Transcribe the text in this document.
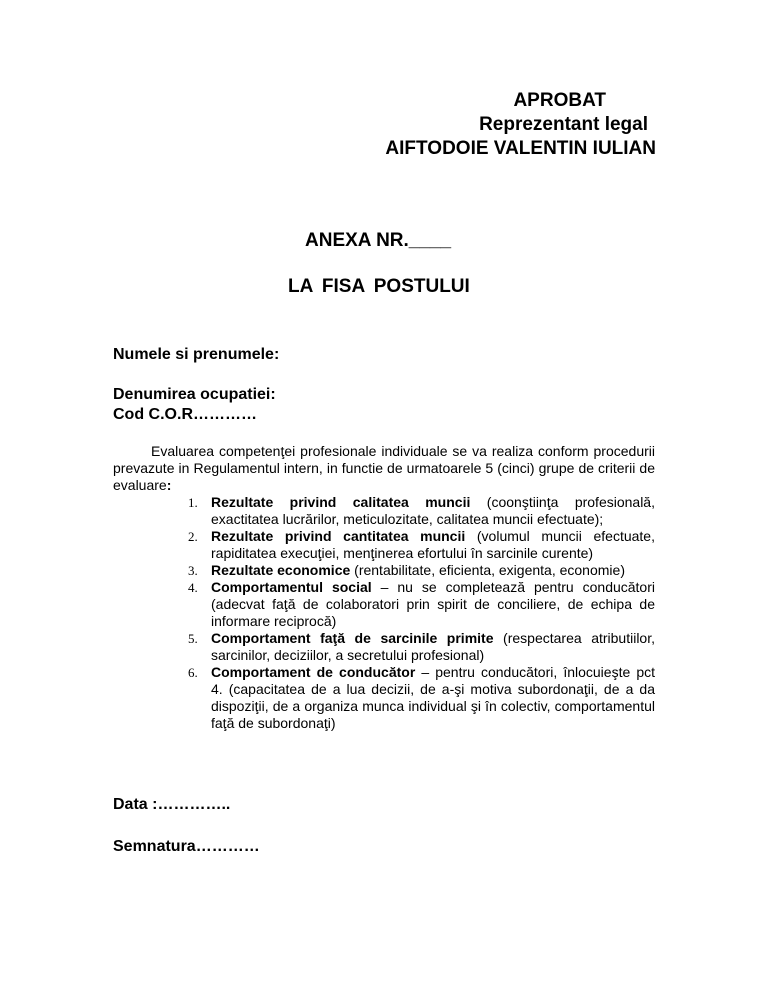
APROBAT
Reprezentant legal
AIFTODOIE VALENTIN IULIAN
ANEXA NR.____
LA FISA POSTULUI
Numele si prenumele:
Denumirea ocupatiei:
Cod C.O.R…………
Evaluarea competenţei profesionale individuale se va realiza conform procedurii prevazute in Regulamentul intern, in functie de urmatoarele 5 (cinci) grupe de criterii de evaluare:
1. Rezultate privind calitatea muncii (coonştiinţa profesională, exactitatea lucrărilor, meticulozitate, calitatea muncii efectuate);
2. Rezultate privind cantitatea muncii (volumul muncii efectuate, rapiditatea execuţiei, menţinerea efortului în sarcinile curente)
3. Rezultate economice (rentabilitate, eficienta, exigenta, economie)
4. Comportamentul social – nu se completează pentru conducători (adecvat faţă de colaboratori prin spirit de conciliere, de echipa de informare reciprocă)
5. Comportament faţă de sarcinile primite (respectarea atributiilor, sarcinilor, deciziilor, a secretului profesional)
6. Comportament de conducător – pentru conducători, înlocuieşte pct 4. (capacitatea de a lua decizii, de a-şi motiva subordonaţii, de a da dispoziţii, de a organiza munca individual şi în colectiv, comportamentul faţă de subordonaţi)
Data :…………..
Semnatura…………
